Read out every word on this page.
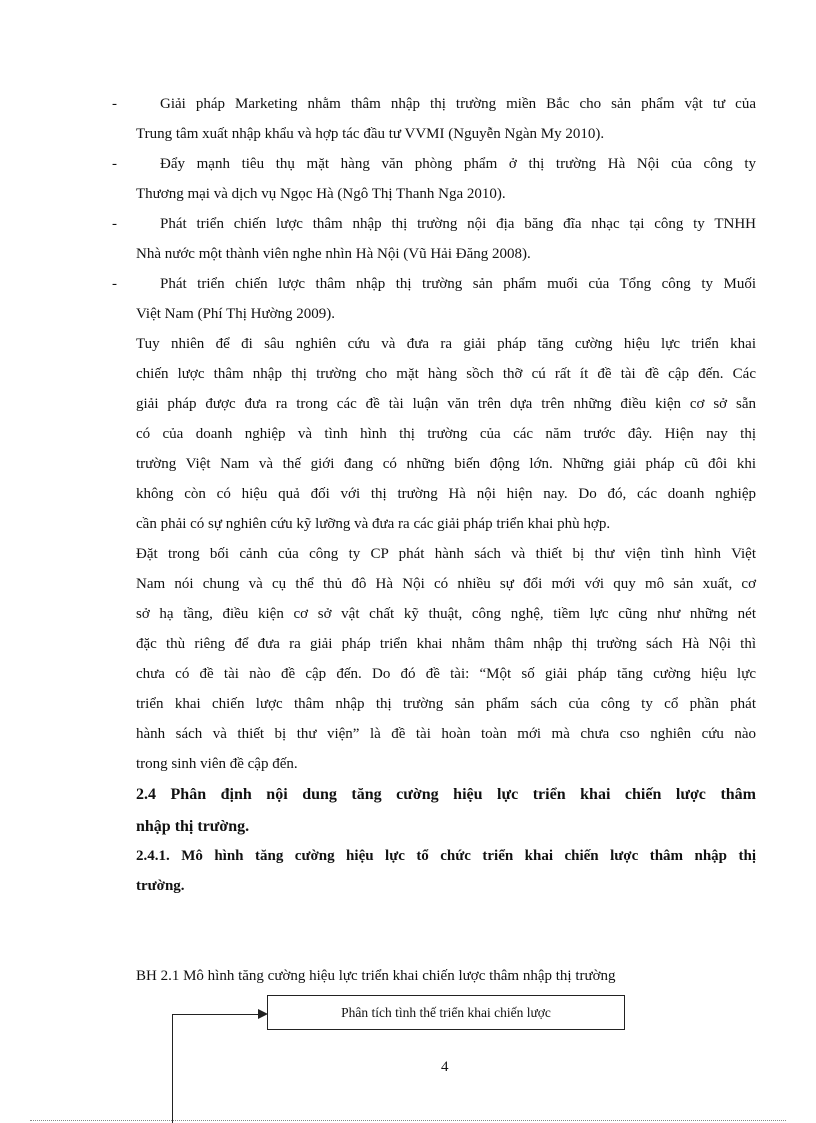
-	Giải pháp Marketing nhằm thâm nhập thị trường miền Bắc cho sản phẩm vật tư của
Trung tâm xuất nhập khẩu và hợp tác đầu tư VVMI (Nguyễn Ngàn My 2010).
-	Đẩy mạnh tiêu thụ mặt hàng văn phòng phẩm ở thị trường Hà Nội của công ty
Thương mại và dịch vụ Ngọc Hà (Ngô Thị Thanh Nga 2010).
-	Phát triển chiến lược thâm nhập thị trường nội địa băng đĩa nhạc tại công ty TNHH
Nhà nước một thành viên nghe nhìn Hà Nội (Vũ Hải Đăng 2008).
-	Phát triển chiến lược thâm nhập thị trường sản phẩm muối của Tổng công ty Muối
Việt Nam (Phí Thị Hường 2009).
Tuy nhiên để đi sâu nghiên cứu và đưa ra giải pháp tăng cường hiệu lực triển khai
chiến lược thâm nhập thị trường cho mặt hàng sồch thỡ cú rất ít đề tài đề cập đến. Các
giải pháp được đưa ra trong các đề tài luận văn trên dựa trên những điều kiện cơ sở sẵn
có của doanh nghiệp và tình hình thị trường của các năm trước đây. Hiện nay thị
trường Việt Nam và thế giới đang có những biến động lớn. Những giải pháp cũ đôi khi
không còn có hiệu quả đối với thị trường Hà nội hiện nay. Do đó, các doanh nghiệp
cần phải có sự nghiên cứu kỹ lưỡng và đưa ra các giải pháp triển khai phù hợp.
Đặt trong bối cảnh của công ty CP phát hành sách và thiết bị thư viện tình hình Việt
Nam nói chung và cụ thể thủ đô Hà Nội có nhiều sự đổi mới với quy mô sản xuất, cơ
sở hạ tầng, điều kiện cơ sở vật chất kỹ thuật, công nghệ, tiềm lực cũng như những nét
đặc thù riêng để đưa ra giải pháp triển khai nhằm thâm nhập thị trường sách Hà Nội thì
chưa có đề tài nào đề cập đến. Do đó đề tài: “Một số giải pháp tăng cường hiệu lực
triển khai chiến lược thâm nhập thị trường sản phẩm sách của công ty cổ phần phát
hành sách và thiết bị thư viện” là đề tài hoàn toàn mới mà chưa cso nghiên cứu nào
trong sinh viên đề cập đến.
2.4 Phân định nội dung tăng cường hiệu lực triển khai chiến lược thâm
nhập thị trường.
2.4.1. Mô hình tăng cường hiệu lực tổ chức triển khai chiến lược thâm nhập thị
trường.
BH 2.1 Mô hình tăng cường hiệu lực triển khai chiến lược thâm nhập thị trường
Phân tích tình thế triển khai chiến lược
4
